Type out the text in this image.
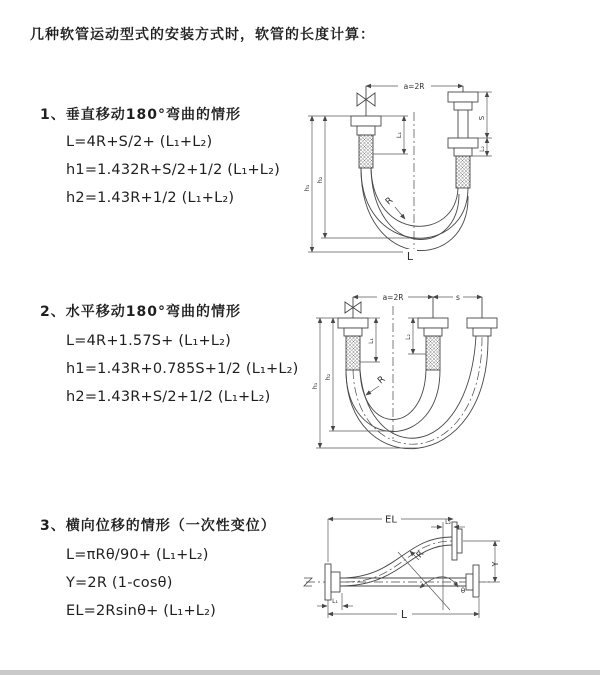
几种软管运动型式的安装方式时，软管的长度计算：
1、垂直移动180°弯曲的情形
L=4R+S/2+ (L₁+L₂)
h1=1.432R+S/2+1/2 (L₁+L₂)
h2=1.43R+1/2 (L₁+L₂)
2、水平移动180°弯曲的情形
L=4R+1.57S+ (L₁+L₂)
h1=1.43R+0.785S+1/2 (L₁+L₂)
h2=1.43R+S/2+1/2 (L₁+L₂)
3、横向位移的情形（一次性变位）
L=πRθ/90+ (L₁+L₂)
Y=2R (1-cosθ)
EL=2Rsinθ+ (L₁+L₂)
a=2R
L₁
S
L₂
h₁
h₂
R
L
a=2R	s
h₁
h₂
L₁
L₂
R
EL	L₂
Y
R
θ
L
L₁
